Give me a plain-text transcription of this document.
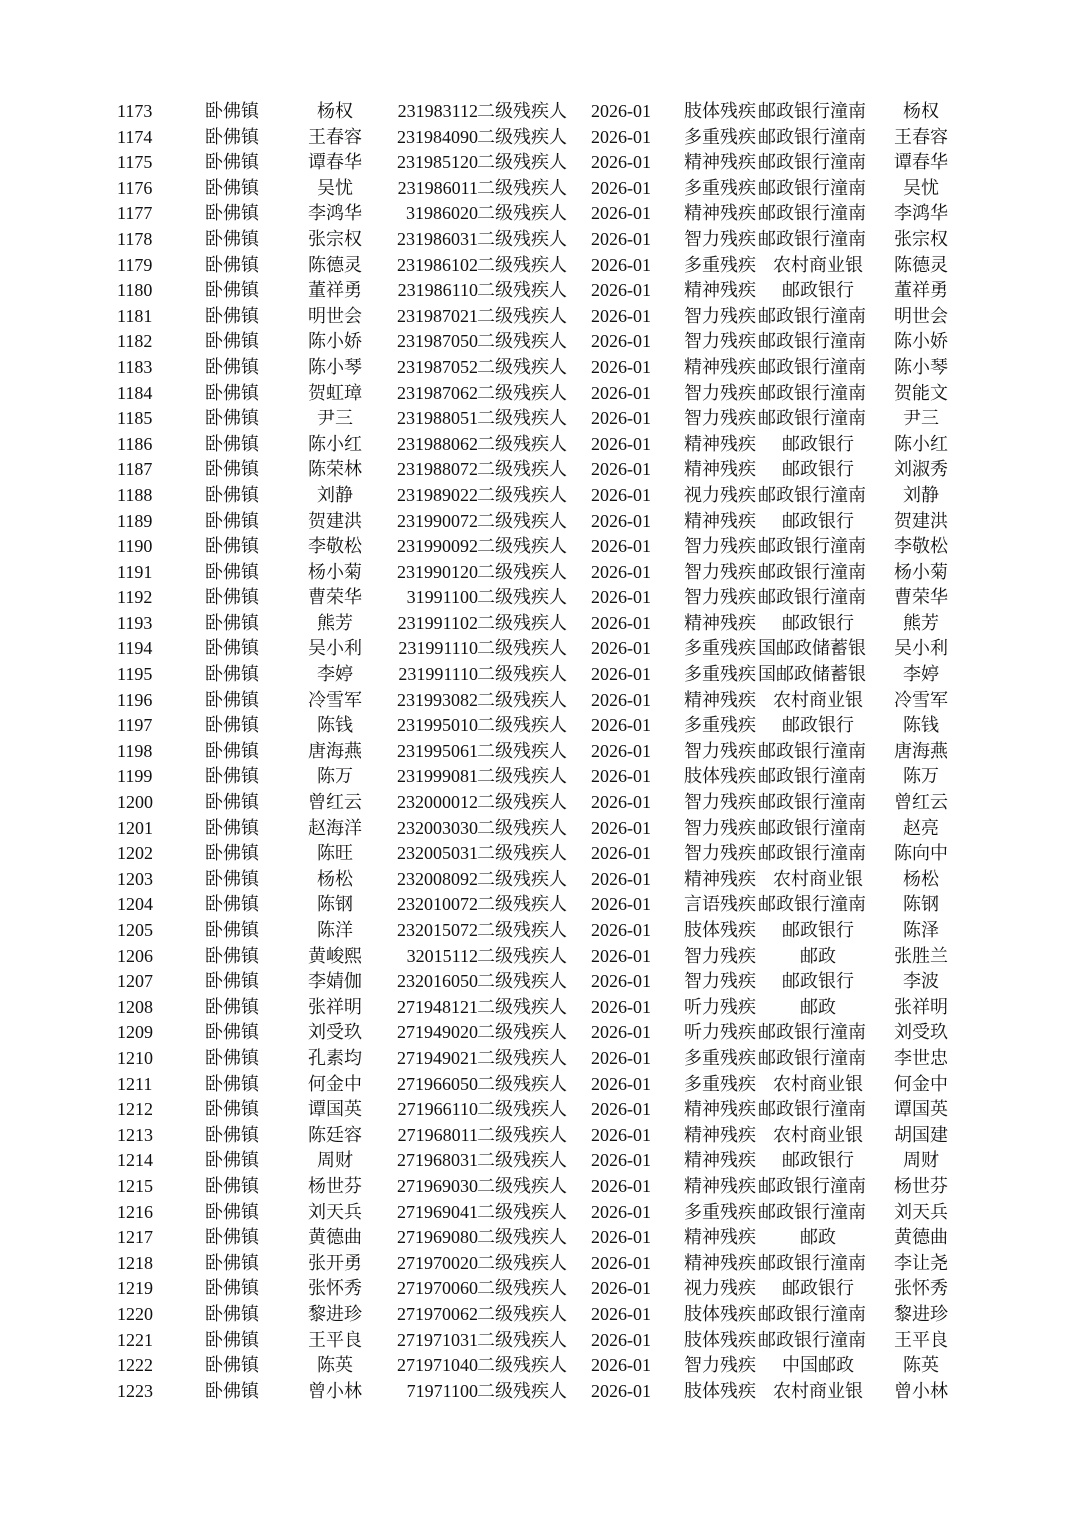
1173	卧佛镇	杨权	231983112 二级残疾人	2026-01	肢体残疾 邮政银行潼南	杨权
1174	卧佛镇	王春容	231984090 二级残疾人	2026-01	多重残疾 邮政银行潼南	王春容
1175	卧佛镇	谭春华	231985120 二级残疾人	2026-01	精神残疾 邮政银行潼南	谭春华
1176	卧佛镇	吴忧	231986011 二级残疾人	2026-01	多重残疾 邮政银行潼南	吴忧
1177	卧佛镇	李鸿华	31986020 二级残疾人	2026-01	精神残疾 邮政银行潼南	李鸿华
1178	卧佛镇	张宗权	231986031 二级残疾人	2026-01	智力残疾 邮政银行潼南	张宗权
1179	卧佛镇	陈德灵	231986102 二级残疾人	2026-01	多重残疾 农村商业银	陈德灵
1180	卧佛镇	董祥勇	231986110 二级残疾人	2026-01	精神残疾	邮政银行	董祥勇
1181	卧佛镇	明世会	231987021 二级残疾人	2026-01	智力残疾 邮政银行潼南	明世会
1182	卧佛镇	陈小娇	231987050 二级残疾人	2026-01	智力残疾 邮政银行潼南	陈小娇
1183	卧佛镇	陈小琴	231987052 二级残疾人	2026-01	精神残疾 邮政银行潼南	陈小琴
1184	卧佛镇	贺虹璋	231987062 二级残疾人	2026-01	智力残疾 邮政银行潼南	贺能文
1185	卧佛镇	尹三	231988051 二级残疾人	2026-01	智力残疾 邮政银行潼南	尹三
1186	卧佛镇	陈小红	231988062 二级残疾人	2026-01	精神残疾	邮政银行	陈小红
1187	卧佛镇	陈荣林	231988072 二级残疾人	2026-01	精神残疾	邮政银行	刘淑秀
1188	卧佛镇	刘静	231989022 二级残疾人	2026-01	视力残疾 邮政银行潼南	刘静
1189	卧佛镇	贺建洪	231990072 二级残疾人	2026-01	精神残疾	邮政银行	贺建洪
1190	卧佛镇	李敬松	231990092 二级残疾人	2026-01	智力残疾 邮政银行潼南	李敬松
1191	卧佛镇	杨小菊	231990120 二级残疾人	2026-01	智力残疾 邮政银行潼南	杨小菊
1192	卧佛镇	曹荣华	31991100 二级残疾人	2026-01	智力残疾 邮政银行潼南	曹荣华
1193	卧佛镇	熊芳	231991102 二级残疾人	2026-01	精神残疾	邮政银行	熊芳
1194	卧佛镇	吴小利	231991110 二级残疾人	2026-01	多重残疾 国邮政储蓄银	吴小利
1195	卧佛镇	李婷	231991110 二级残疾人	2026-01	多重残疾 国邮政储蓄银	李婷
1196	卧佛镇	冷雪军	231993082 二级残疾人	2026-01	精神残疾 农村商业银	冷雪军
1197	卧佛镇	陈钱	231995010 二级残疾人	2026-01	多重残疾	邮政银行	陈钱
1198	卧佛镇	唐海燕	231995061 二级残疾人	2026-01	智力残疾 邮政银行潼南	唐海燕
1199	卧佛镇	陈万	231999081 二级残疾人	2026-01	肢体残疾 邮政银行潼南	陈万
1200	卧佛镇	曾红云	232000012 二级残疾人	2026-01	智力残疾 邮政银行潼南	曾红云
1201	卧佛镇	赵海洋	232003030 二级残疾人	2026-01	智力残疾 邮政银行潼南	赵亮
1202	卧佛镇	陈旺	232005031 二级残疾人	2026-01	智力残疾 邮政银行潼南	陈向中
1203	卧佛镇	杨松	232008092 二级残疾人	2026-01	精神残疾 农村商业银	杨松
1204	卧佛镇	陈钢	232010072 二级残疾人	2026-01	言语残疾 邮政银行潼南	陈钢
1205	卧佛镇	陈洋	232015072 二级残疾人	2026-01	肢体残疾	邮政银行	陈泽
1206	卧佛镇	黄峻熙	32015112 二级残疾人	2026-01	智力残疾	邮政	张胜兰
1207	卧佛镇	李婧伽	232016050 二级残疾人	2026-01	智力残疾	邮政银行	李波
1208	卧佛镇	张祥明	271948121 二级残疾人	2026-01	听力残疾	邮政	张祥明
1209	卧佛镇	刘受玖	271949020 二级残疾人	2026-01	听力残疾 邮政银行潼南	刘受玖
1210	卧佛镇	孔素均	271949021 二级残疾人	2026-01	多重残疾 邮政银行潼南	李世忠
1211	卧佛镇	何金中	271966050 二级残疾人	2026-01	多重残疾 农村商业银	何金中
1212	卧佛镇	谭国英	271966110 二级残疾人	2026-01	精神残疾 邮政银行潼南	谭国英
1213	卧佛镇	陈廷容	271968011 二级残疾人	2026-01	精神残疾 农村商业银	胡国建
1214	卧佛镇	周财	271968031 二级残疾人	2026-01	精神残疾	邮政银行	周财
1215	卧佛镇	杨世芬	271969030 二级残疾人	2026-01	精神残疾 邮政银行潼南	杨世芬
1216	卧佛镇	刘天兵	271969041 二级残疾人	2026-01	多重残疾 邮政银行潼南	刘天兵
1217	卧佛镇	黄德曲	271969080 二级残疾人	2026-01	精神残疾	邮政	黄德曲
1218	卧佛镇	张开勇	271970020 二级残疾人	2026-01	精神残疾 邮政银行潼南	李让尧
1219	卧佛镇	张怀秀	271970060 二级残疾人	2026-01	视力残疾	邮政银行	张怀秀
1220	卧佛镇	黎进珍	271970062 二级残疾人	2026-01	肢体残疾 邮政银行潼南	黎进珍
1221	卧佛镇	王平良	271971031 二级残疾人	2026-01	肢体残疾 邮政银行潼南	王平良
1222	卧佛镇	陈英	271971040 二级残疾人	2026-01	智力残疾	中国邮政	陈英
1223	卧佛镇	曾小林	71971100 二级残疾人	2026-01	肢体残疾 农村商业银	曾小林
